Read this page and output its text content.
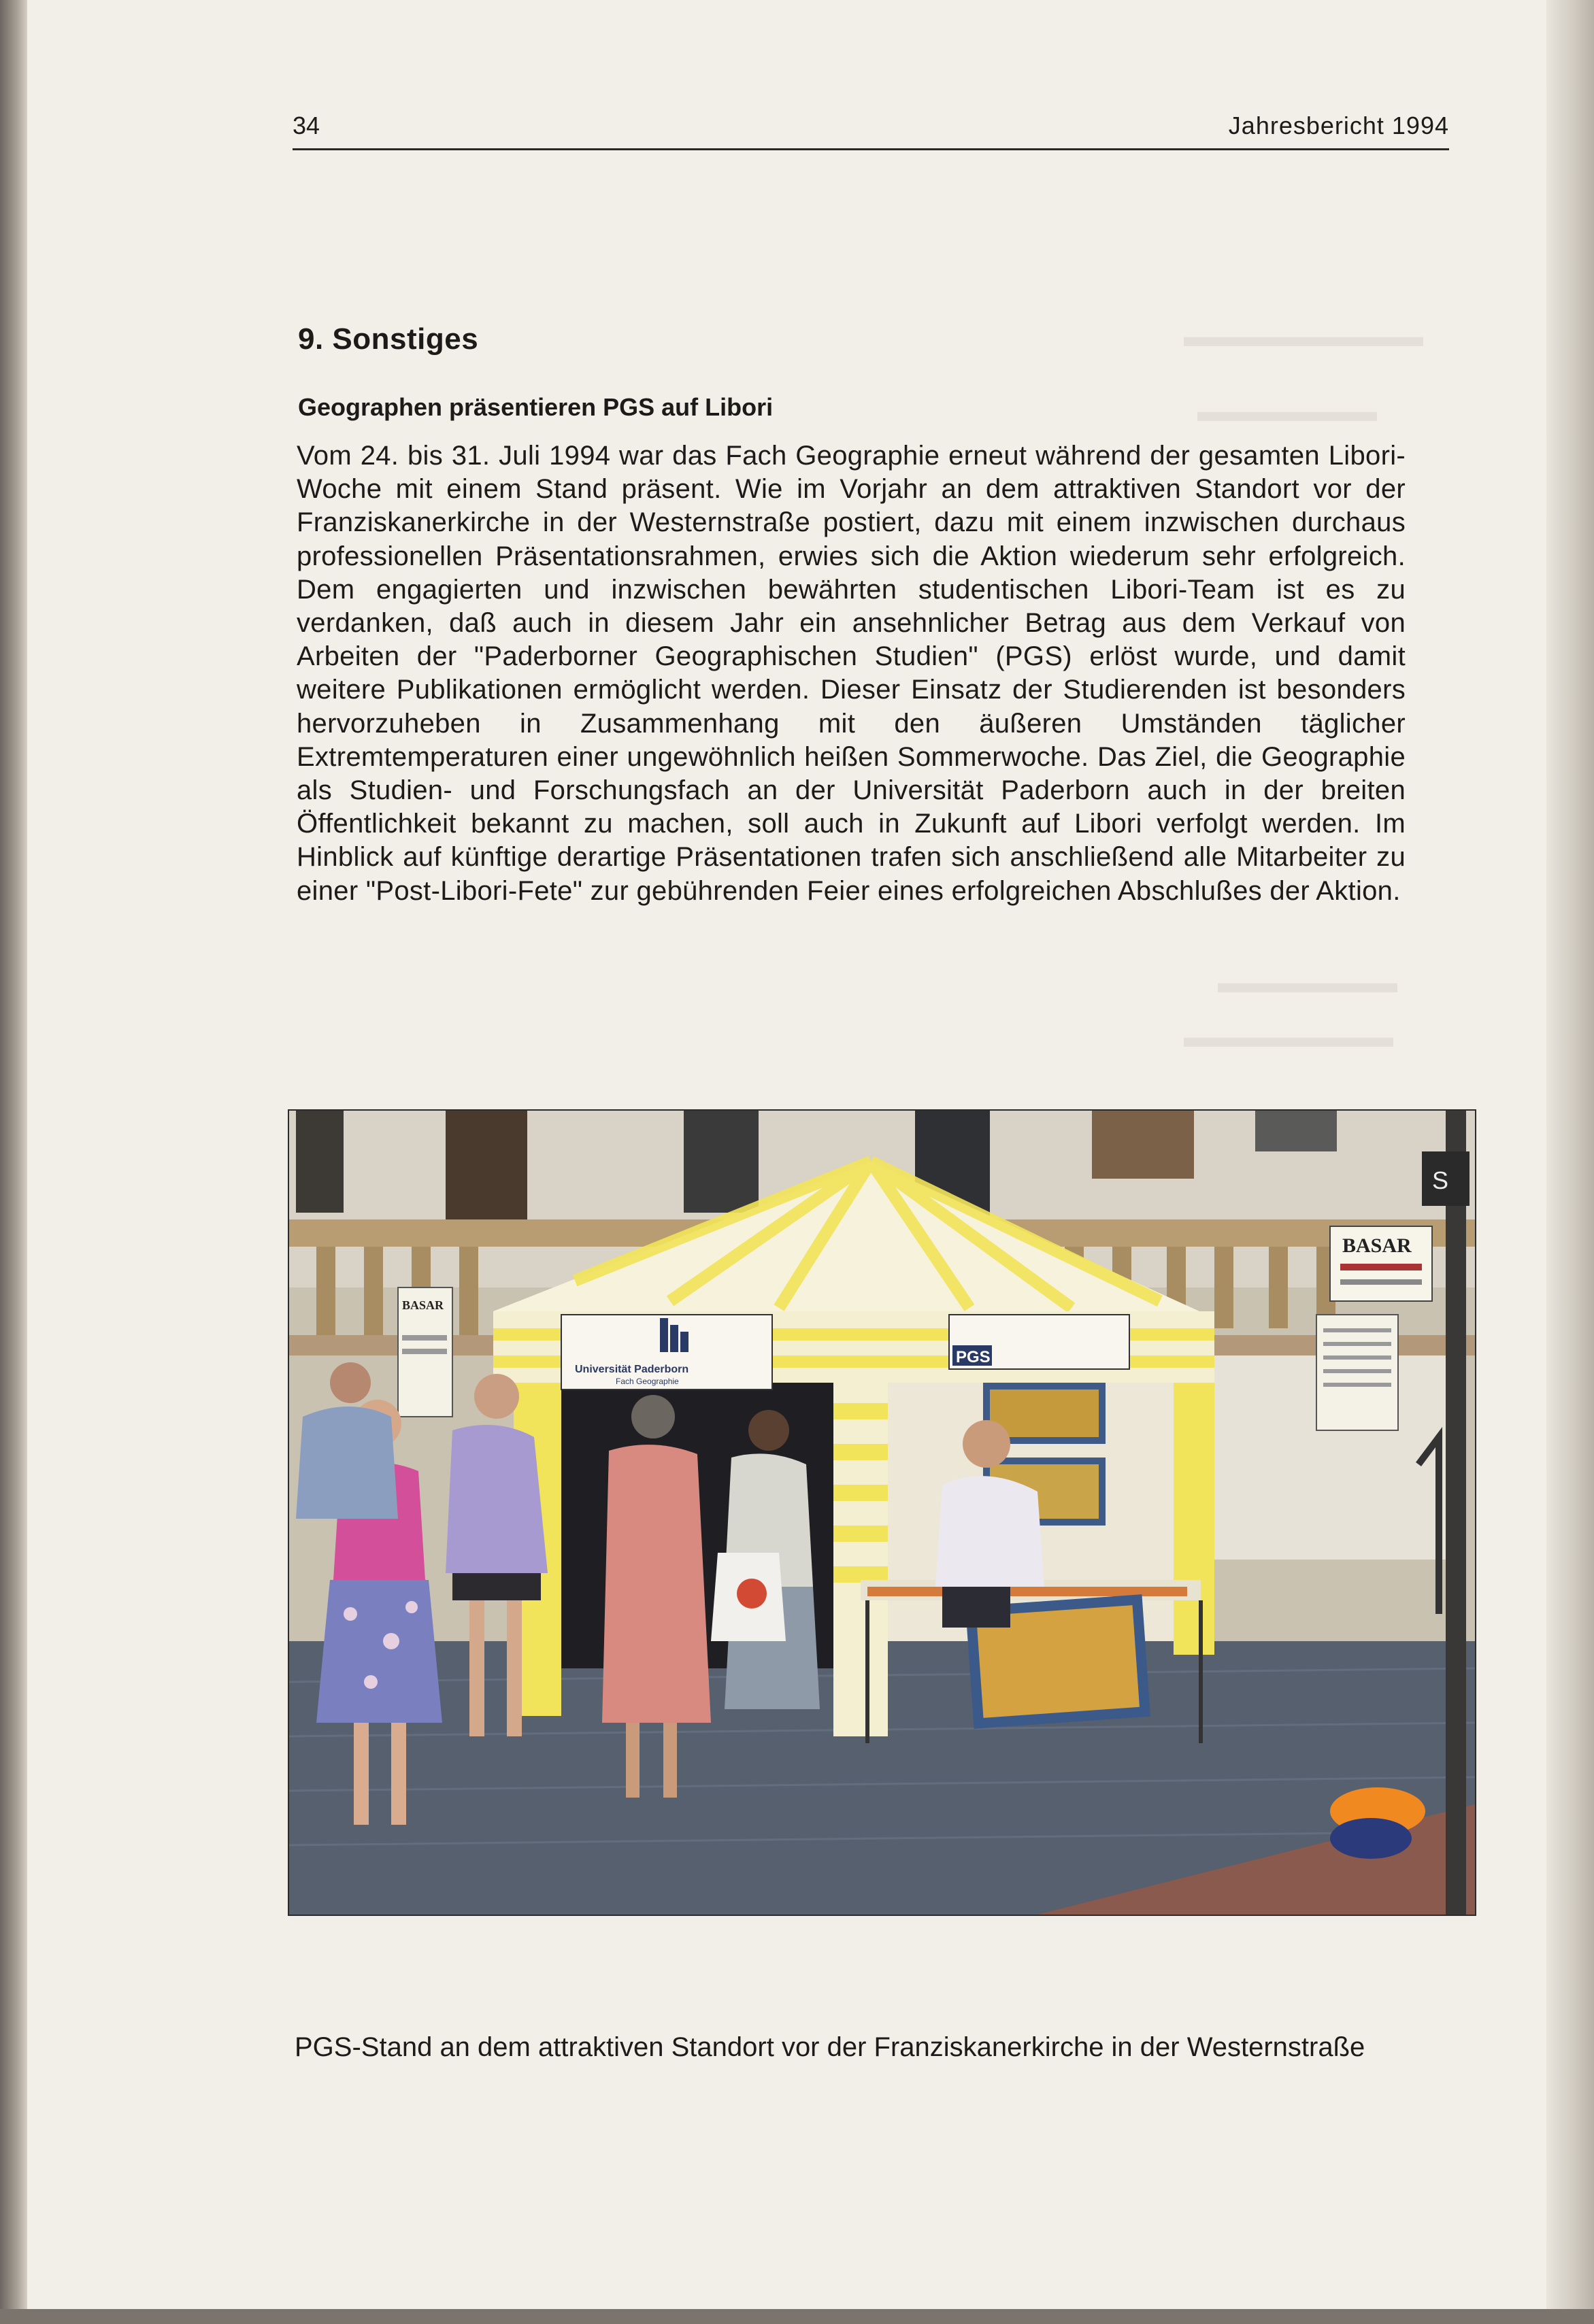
▬▬▬▬▬▬▬▬
▬▬▬▬▬▬
▬▬▬▬▬▬
▬▬▬▬▬▬▬
34	Jahresbericht 1994
9. Sonstiges
Geographen präsentieren PGS auf Libori

Vom 24. bis 31. Juli 1994 war das Fach Geographie erneut während der gesamten Libori-Woche mit einem Stand präsent. Wie im Vorjahr an dem attraktiven Standort vor der Franziskanerkirche in der Westernstraße postiert, dazu mit einem inzwischen durchaus professionellen Präsentationsrahmen, erwies sich die Aktion wiederum sehr erfolgreich. Dem engagierten und inzwischen bewährten studentischen Libori-Team ist es zu verdanken, daß auch in diesem Jahr ein ansehnlicher Betrag aus dem Verkauf von Arbeiten der "Paderborner Geographischen Studien" (PGS) erlöst wurde, und damit weitere Publikationen ermöglicht werden. Dieser Einsatz der Studierenden ist besonders hervorzuheben in Zusammenhang mit den äußeren Umständen täglicher Extremtemperaturen einer ungewöhnlich heißen Sommerwoche. Das Ziel, die Geographie als Studien- und Forschungsfach an der Universität Paderborn auch in der breiten Öffentlichkeit bekannt zu machen, soll auch in Zukunft auf Libori verfolgt werden. Im Hinblick auf künftige derartige Präsentationen trafen sich anschließend alle Mitarbeiter zu einer "Post-Libori-Fete" zur gebührenden Feier eines erfolgreichen Abschlußes der Aktion.

S
BASAR
BASAR
Universität Paderborn
Fach Geographie
PGS

PGS-Stand an dem attraktiven Standort vor der Franziskanerkirche in der Westernstraße
